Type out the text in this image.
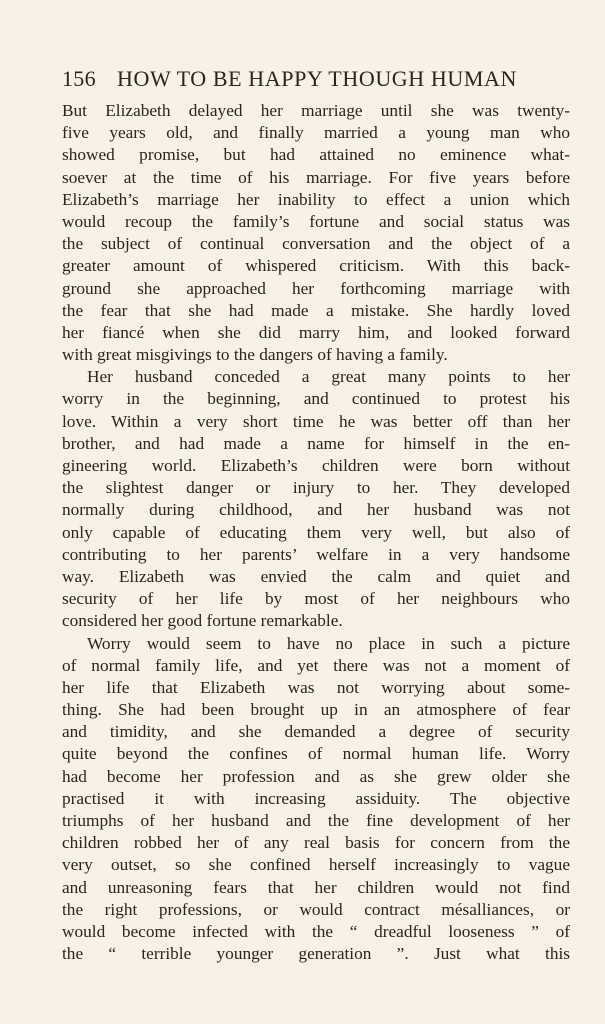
156 HOW TO BE HAPPY THOUGH HUMAN
But Elizabeth delayed her marriage until she was twenty-
five years old, and finally married a young man who
showed promise, but had attained no eminence what-
soever at the time of his marriage. For five years before
Elizabeth’s marriage her inability to effect a union which
would recoup the family’s fortune and social status was
the subject of continual conversation and the object of a
greater amount of whispered criticism. With this back-
ground she approached her forthcoming marriage with
the fear that she had made a mistake. She hardly loved
her fiancé when she did marry him, and looked forward
with great misgivings to the dangers of having a family.
Her husband conceded a great many points to her
worry in the beginning, and continued to protest his
love. Within a very short time he was better off than her
brother, and had made a name for himself in the en-
gineering world. Elizabeth’s children were born without
the slightest danger or injury to her. They developed
normally during childhood, and her husband was not
only capable of educating them very well, but also of
contributing to her parents’ welfare in a very handsome
way. Elizabeth was envied the calm and quiet and
security of her life by most of her neighbours who
considered her good fortune remarkable.
Worry would seem to have no place in such a picture
of normal family life, and yet there was not a moment of
her life that Elizabeth was not worrying about some-
thing. She had been brought up in an atmosphere of fear
and timidity, and she demanded a degree of security
quite beyond the confines of normal human life. Worry
had become her profession and as she grew older she
practised it with increasing assiduity. The objective
triumphs of her husband and the fine development of her
children robbed her of any real basis for concern from the
very outset, so she confined herself increasingly to vague
and unreasoning fears that her children would not find
the right professions, or would contract mésalliances, or
would become infected with the “ dreadful looseness ” of
the “ terrible younger generation ”. Just what this
